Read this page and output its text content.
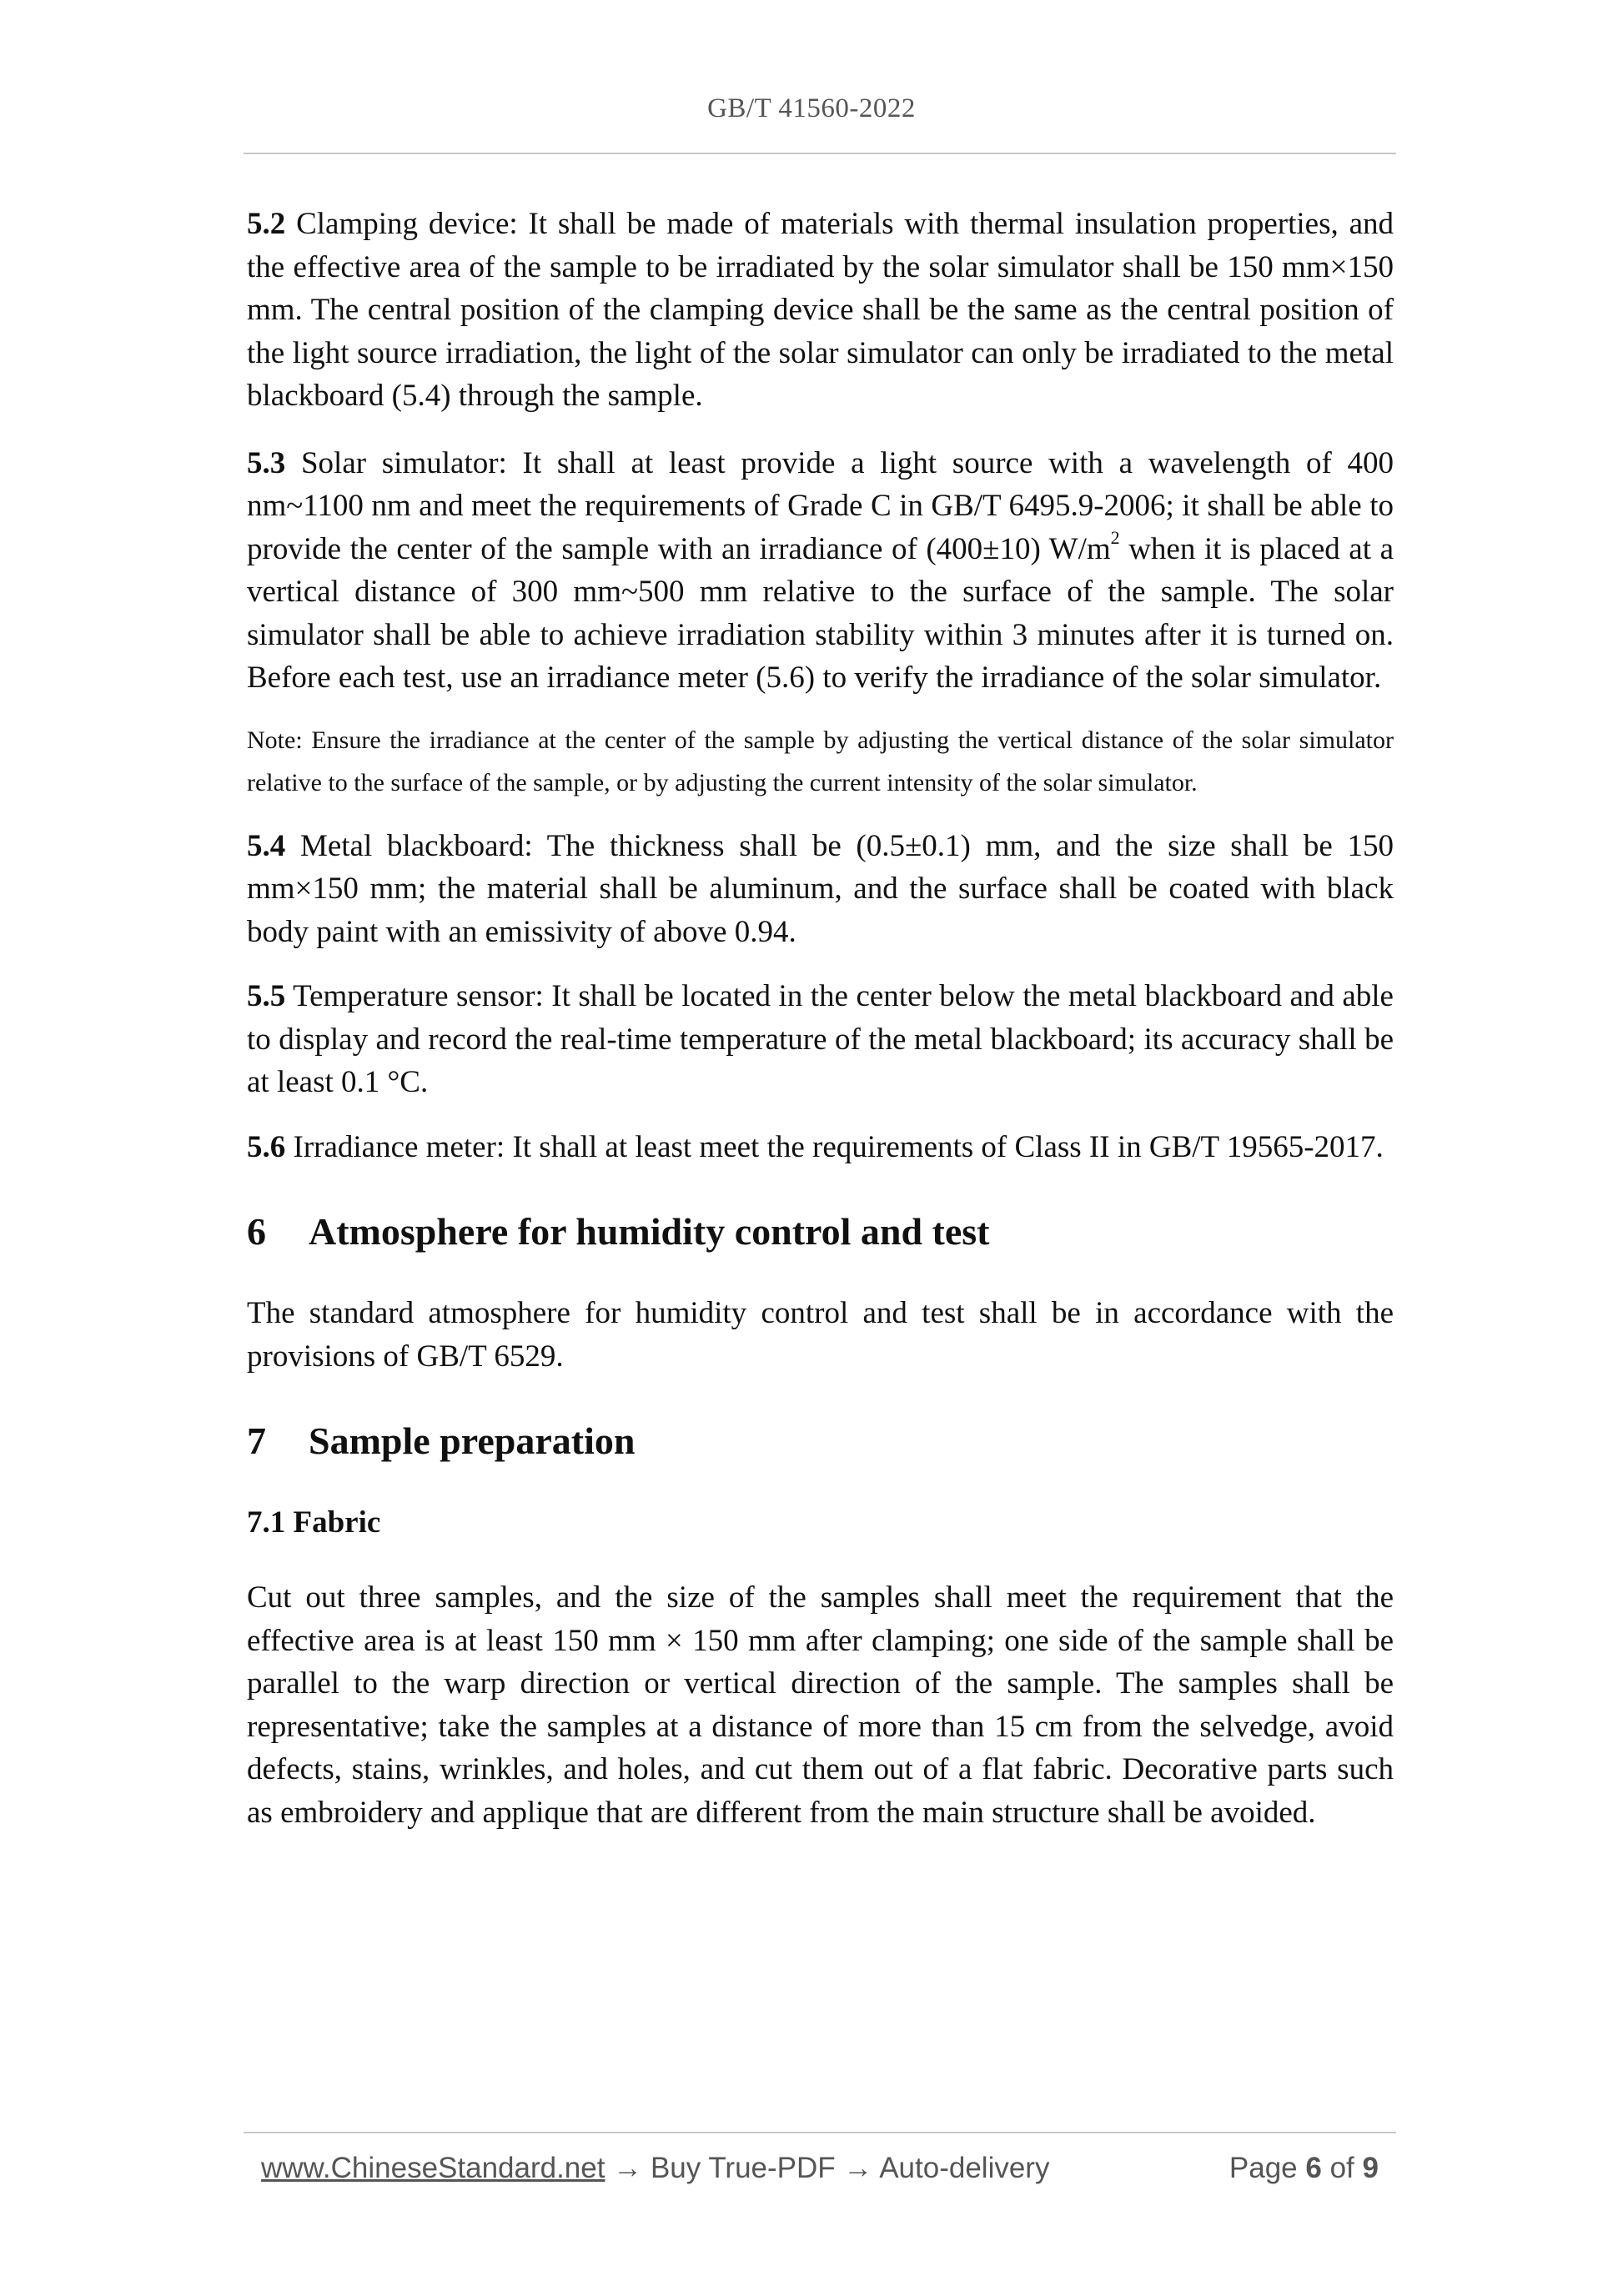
GB/T 41560-2022

5.2 Clamping device: It shall be made of materials with thermal insulation properties, and the effective area of the sample to be irradiated by the solar simulator shall be 150 mm×150 mm. The central position of the clamping device shall be the same as the central position of the light source irradiation, the light of the solar simulator can only be irradiated to the metal blackboard (5.4) through the sample.

5.3 Solar simulator: It shall at least provide a light source with a wavelength of 400 nm~1100 nm and meet the requirements of Grade C in GB/T 6495.9-2006; it shall be able to provide the center of the sample with an irradiance of (400±10) $W/m^2$ when it is placed at a vertical distance of 300 mm~500 mm relative to the surface of the sample. The solar simulator shall be able to achieve irradiation stability within 3 minutes after it is turned on. Before each test, use an irradiance meter (5.6) to verify the irradiance of the solar simulator.

Note: Ensure the irradiance at the center of the sample by adjusting the vertical distance of the solar simulator relative to the surface of the sample, or by adjusting the current intensity of the solar simulator.

5.4 Metal blackboard: The thickness shall be (0.5±0.1) mm, and the size shall be 150 mm×150 mm; the material shall be aluminum, and the surface shall be coated with black body paint with an emissivity of above 0.94.

5.5 Temperature sensor: It shall be located in the center below the metal blackboard and able to display and record the real-time temperature of the metal blackboard; its accuracy shall be at least 0.1 °C.

5.6 Irradiance meter: It shall at least meet the requirements of Class II in GB/T 19565-2017.

6 Atmosphere for humidity control and test

The standard atmosphere for humidity control and test shall be in accordance with the provisions of GB/T 6529.

7 Sample preparation

7.1 Fabric

Cut out three samples, and the size of the samples shall meet the requirement that the effective area is at least 150 mm × 150 mm after clamping; one side of the sample shall be parallel to the warp direction or vertical direction of the sample. The samples shall be representative; take the samples at a distance of more than 15 cm from the selvedge, avoid defects, stains, wrinkles, and holes, and cut them out of a flat fabric. Decorative parts such as embroidery and applique that are different from the main structure shall be avoided.

www.ChineseStandard.net → Buy True-PDF → Auto-delivery	Page 6 of 9
